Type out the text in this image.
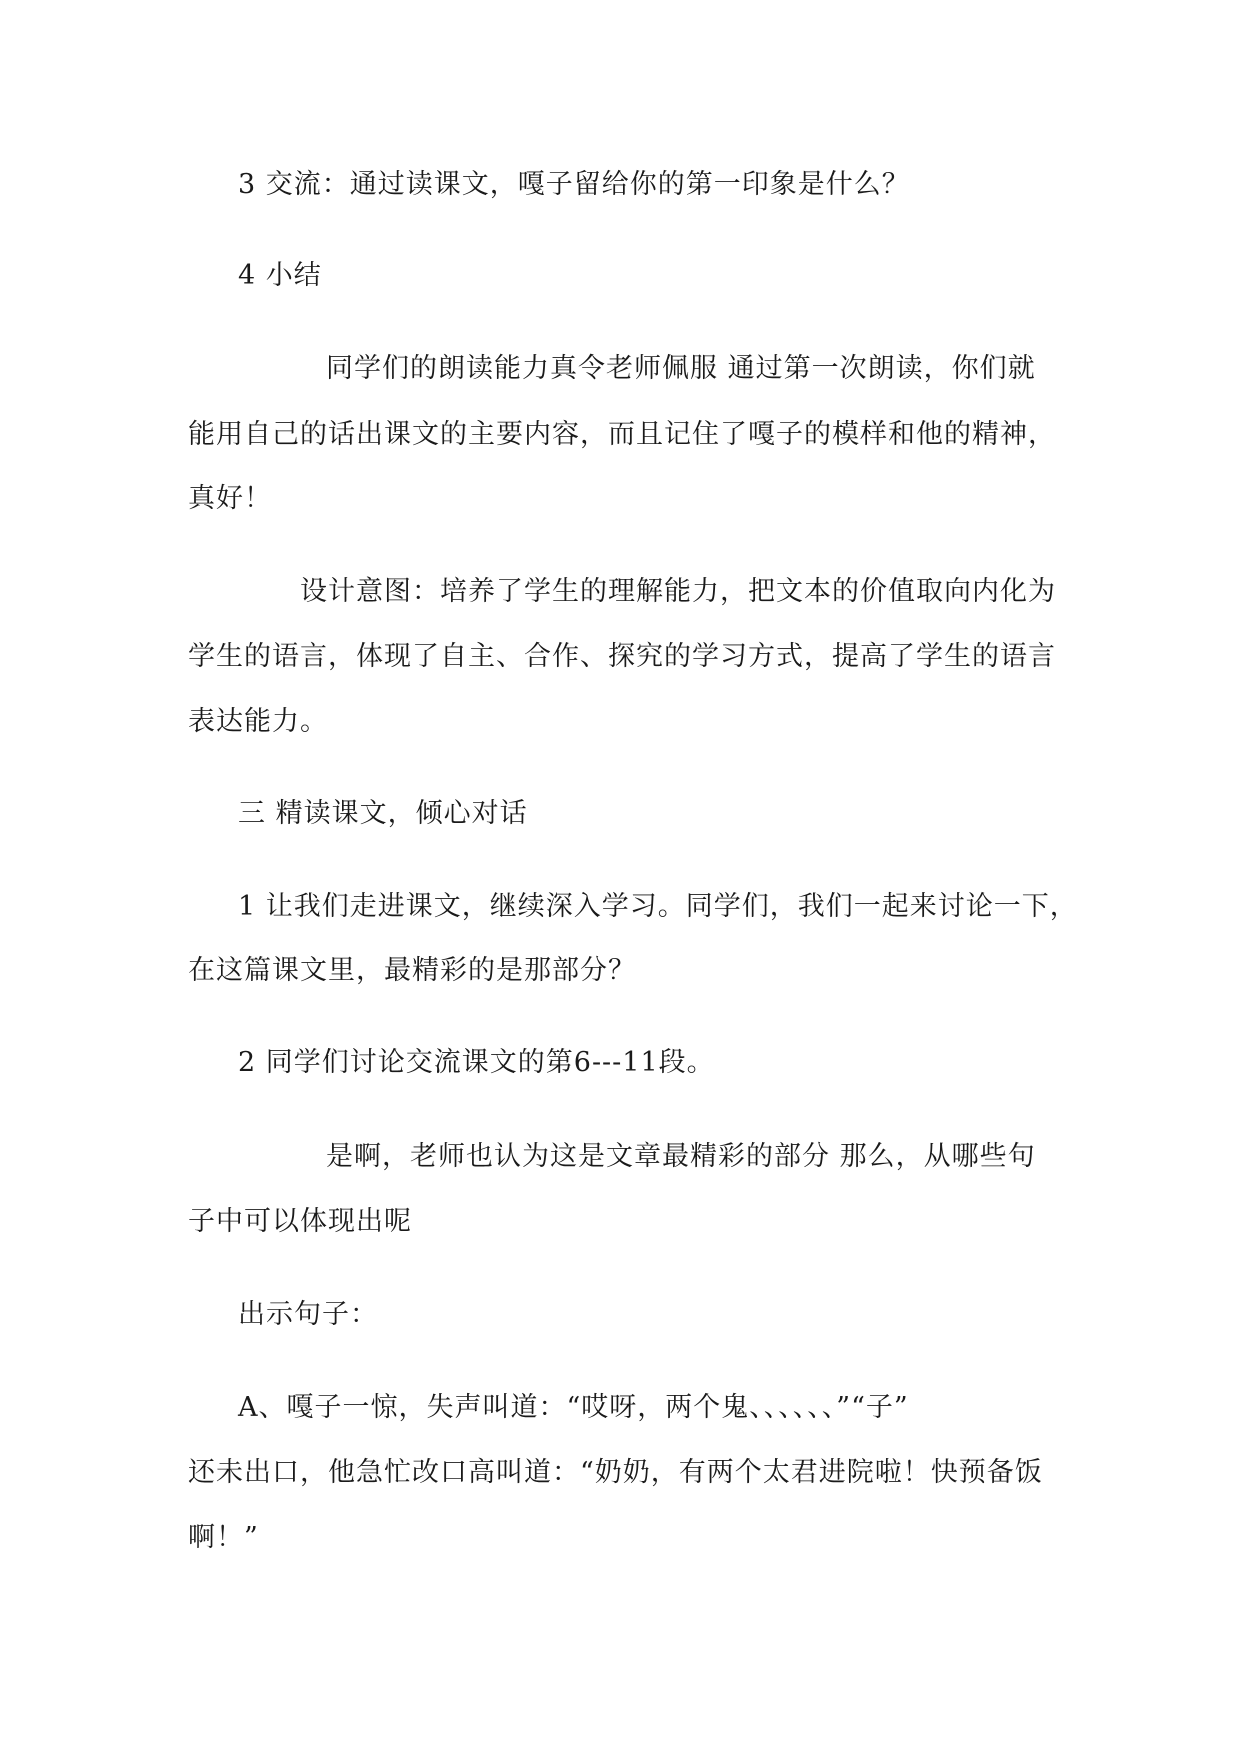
3 交流：通过读课文，嘎子留给你的第一印象是什么？
4 小结
同学们的朗读能力真令老师佩服 通过第一次朗读，你们就
能用自己的话出课文的主要内容，而且记住了嘎子的模样和他的精神，
真好！
设计意图：培养了学生的理解能力，把文本的价值取向内化为
学生的语言，体现了自主、合作、探究的学习方式，提高了学生的语言
表达能力。
三 精读课文，倾心对话
1 让我们走进课文，继续深入学习。同学们，我们一起来讨论一下，
在这篇课文里，最精彩的是那部分？
2 同学们讨论交流课文的第6---11段。
是啊，老师也认为这是文章最精彩的部分 那么，从哪些句
子中可以体现出呢
出示句子：
A、嘎子一惊，失声叫道：“哎呀，两个鬼、、、、、、”“子”
还未出口，他急忙改口高叫道：“奶奶，有两个太君进院啦！快预备饭
啊！”
